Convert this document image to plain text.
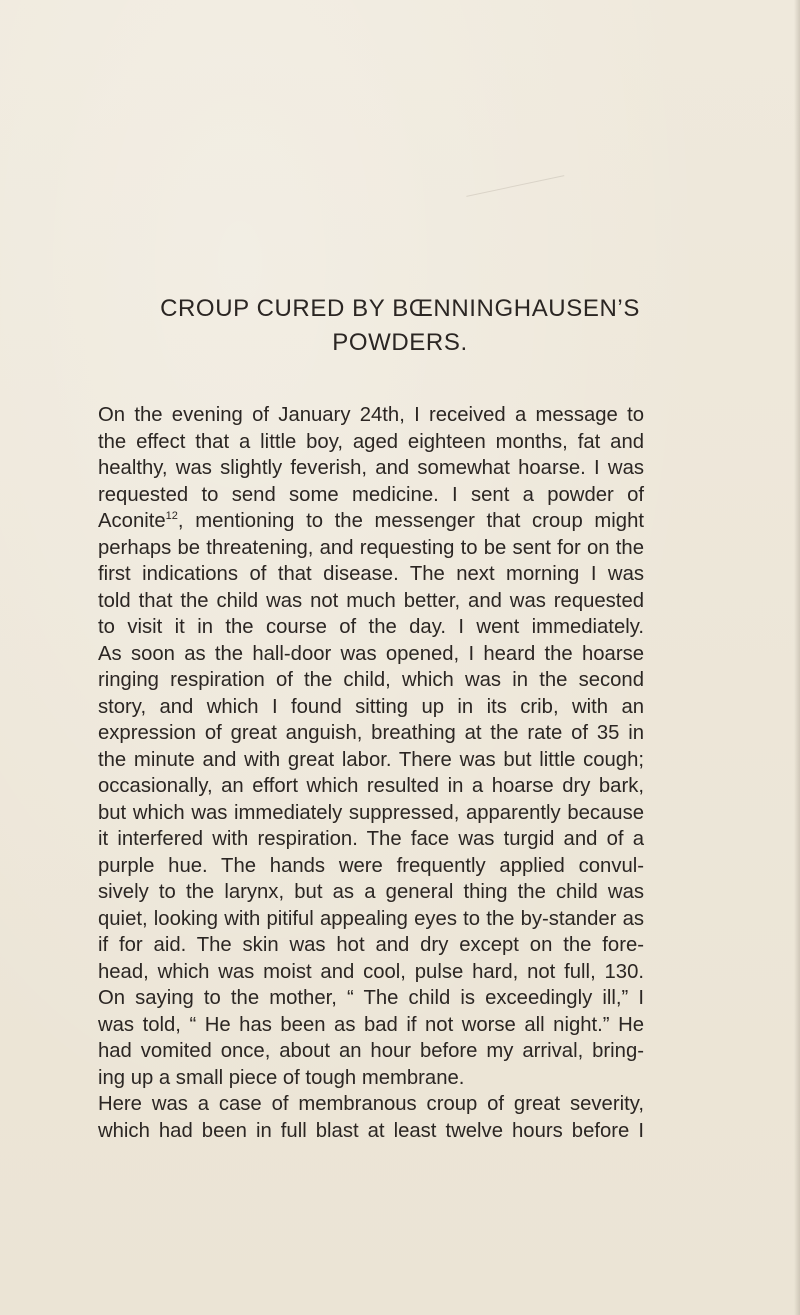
CROUP CURED BY BŒNNINGHAUSEN’S
POWDERS.
On the evening of January 24th, I received a message to
the effect that a little boy, aged eighteen months, fat and
healthy, was slightly feverish, and somewhat hoarse. I was
requested to send some medicine. I sent a powder of
Aconite$^{12}$, mentioning to the messenger that croup might
perhaps be threatening, and requesting to be sent for on the
first indications of that disease. The next morning I was
told that the child was not much better, and was requested
to visit it in the course of the day. I went immediately.
As soon as the hall-door was opened, I heard the hoarse
ringing respiration of the child, which was in the second
story, and which I found sitting up in its crib, with an
expression of great anguish, breathing at the rate of 35 in
the minute and with great labor. There was but little cough;
occasionally, an effort which resulted in a hoarse dry bark,
but which was immediately suppressed, apparently because
it interfered with respiration. The face was turgid and of a
purple hue. The hands were frequently applied convul-
sively to the larynx, but as a general thing the child was
quiet, looking with pitiful appealing eyes to the by-stander as
if for aid. The skin was hot and dry except on the fore-
head, which was moist and cool, pulse hard, not full, 130.
On saying to the mother, “ The child is exceedingly ill,” I
was told, “ He has been as bad if not worse all night.” He
had vomited once, about an hour before my arrival, bring-
ing up a small piece of tough membrane.
Here was a case of membranous croup of great severity,
which had been in full blast at least twelve hours before I
